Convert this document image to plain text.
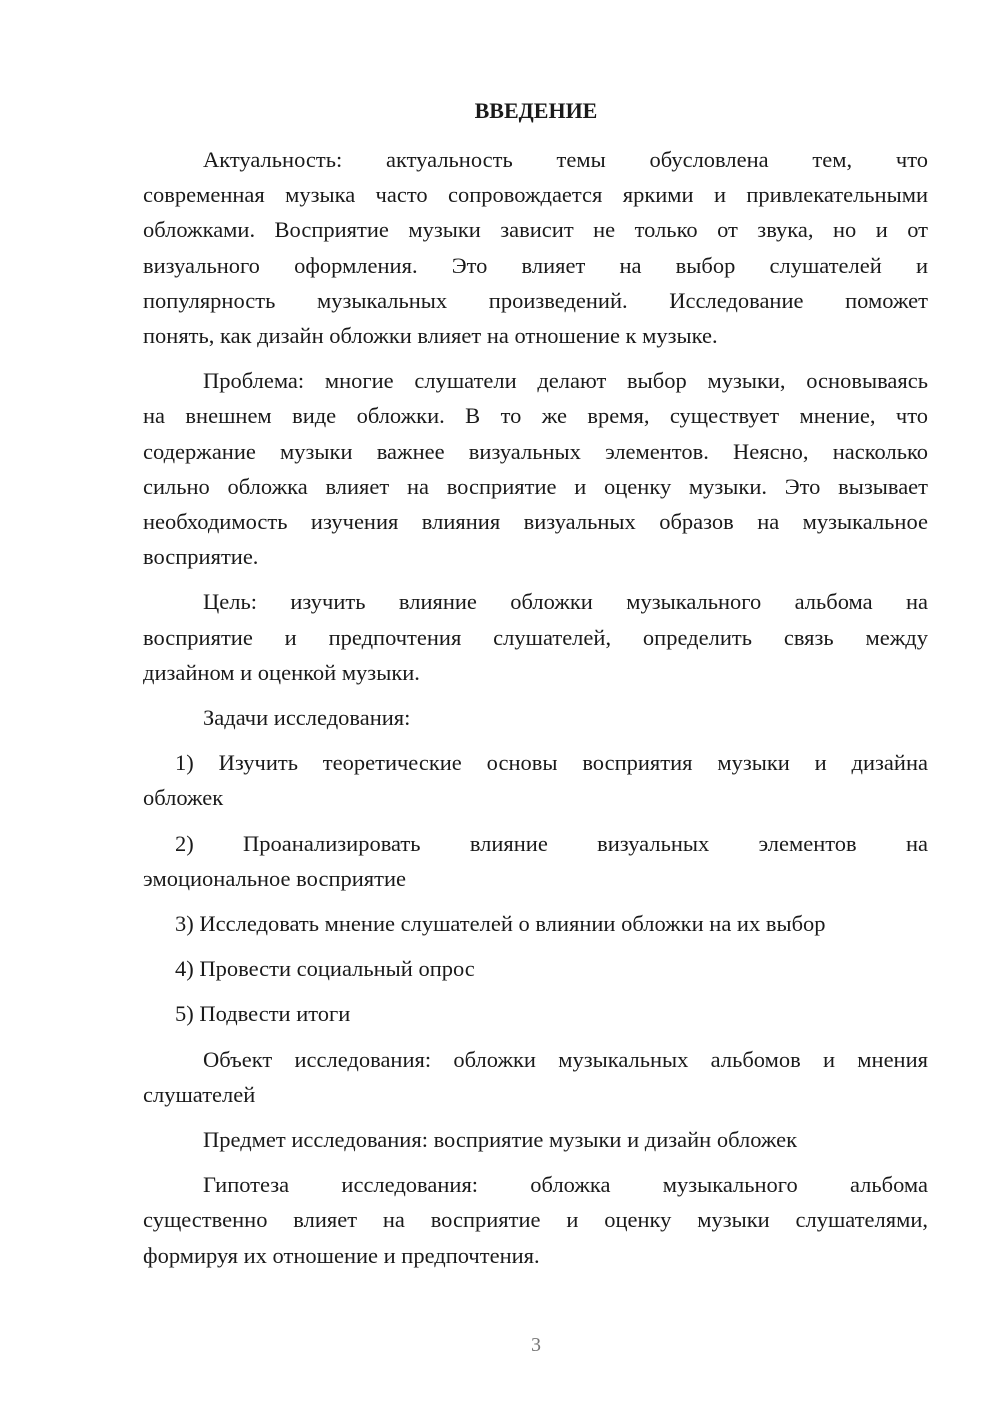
ВВЕДЕНИЕ
Актуальность: актуальность темы обусловлена тем, что
современная музыка часто сопровождается яркими и привлекательными
обложками. Восприятие музыки зависит не только от звука, но и от
визуального оформления. Это влияет на выбор слушателей и
популярность музыкальных произведений. Исследование поможет
понять, как дизайн обложки влияет на отношение к музыке.
Проблема: многие слушатели делают выбор музыки, основываясь
на внешнем виде обложки. В то же время, существует мнение, что
содержание музыки важнее визуальных элементов. Неясно, насколько
сильно обложка влияет на восприятие и оценку музыки. Это вызывает
необходимость изучения влияния визуальных образов на музыкальное
восприятие.
Цель: изучить влияние обложки музыкального альбома на
восприятие и предпочтения слушателей, определить связь между
дизайном и оценкой музыки.
Задачи исследования:
1) Изучить теоретические основы восприятия музыки и дизайна
обложек
2) Проанализировать влияние визуальных элементов на
эмоциональное восприятие
3) Исследовать мнение слушателей о влиянии обложки на их выбор
4) Провести социальный опрос
5) Подвести итоги
Объект исследования: обложки музыкальных альбомов и мнения
слушателей
Предмет исследования: восприятие музыки и дизайн обложек
Гипотеза исследования: обложка музыкального альбома
существенно влияет на восприятие и оценку музыки слушателями,
формируя их отношение и предпочтения.
3
